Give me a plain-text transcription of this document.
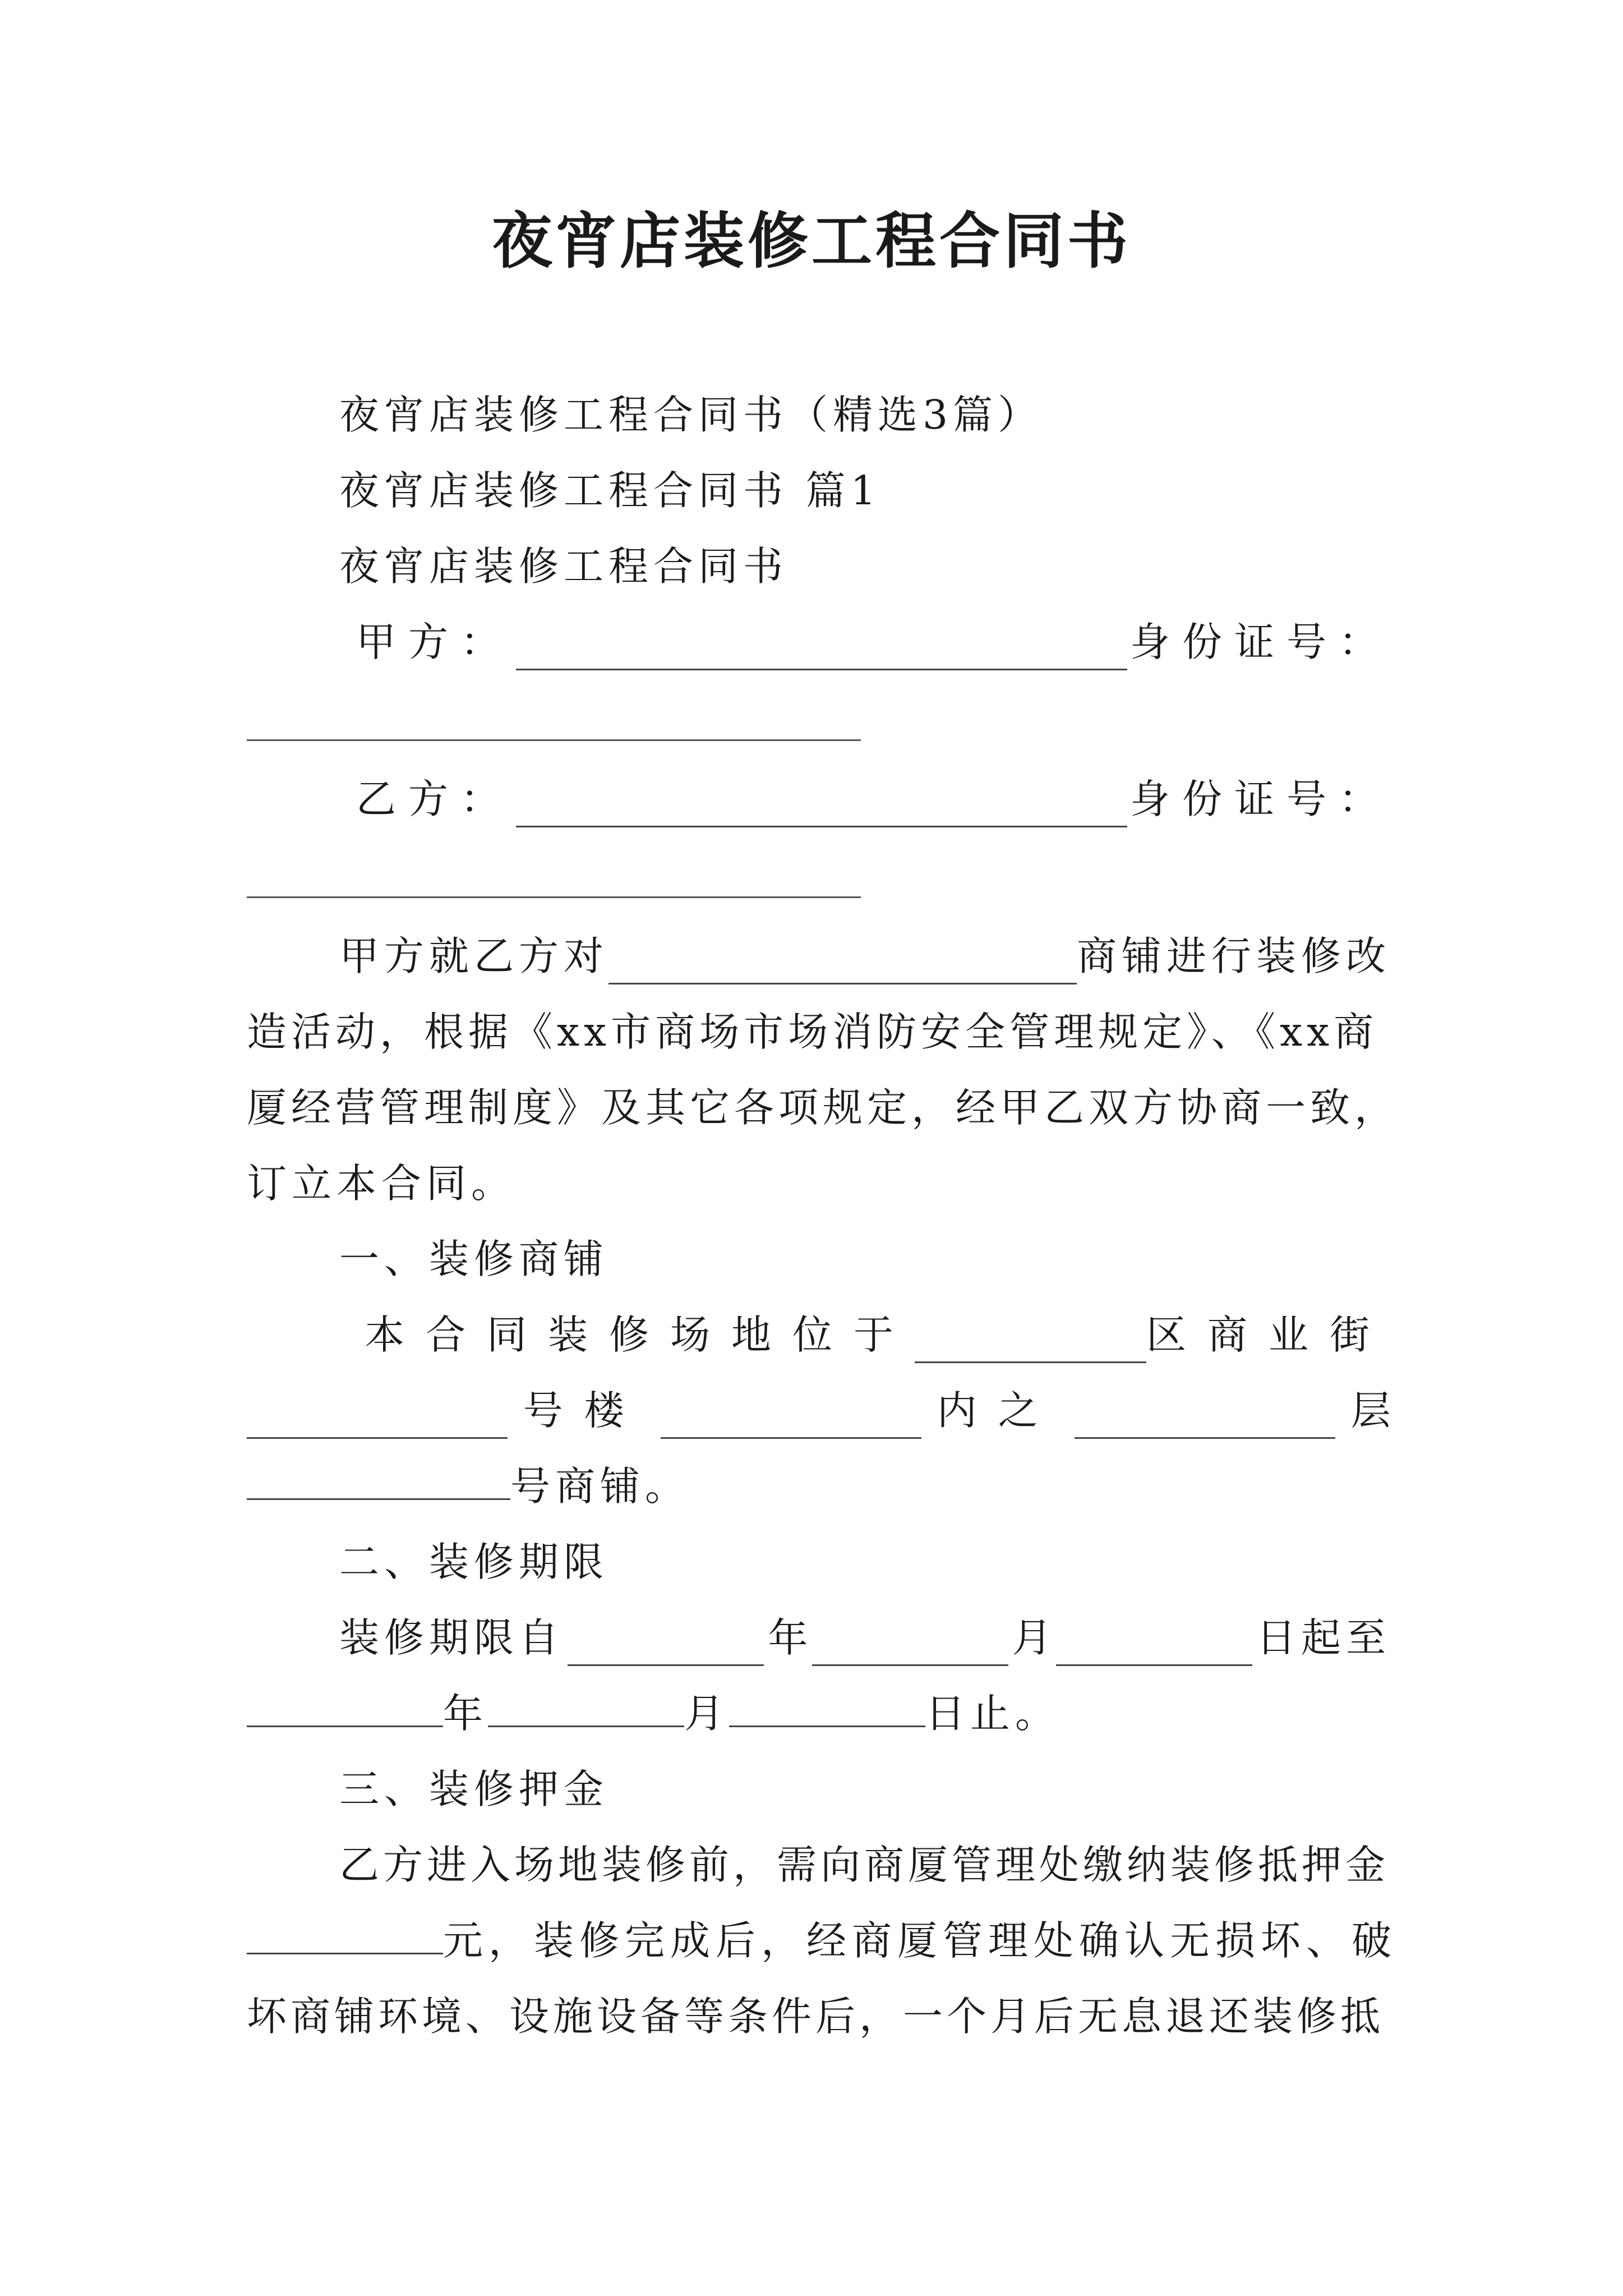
夜宵店装修工程合同书
夜宵店装修工程合同书（精选3篇）
夜宵店装修工程合同书 篇1
夜宵店装修工程合同书
甲方：	身份证号：
乙方：	身份证号：
甲方就乙方对	商铺进行装修改
造活动，根据《xx市商场市场消防安全管理规定》、《xx商
厦经营管理制度》及其它各项规定，经甲乙双方协商一致，
订立本合同。
一、装修商铺
本合同装修场地位于	区商业街
号楼	内之	层
号商铺。
二、装修期限
装修期限自	年	月	日起至
年	月	日止。
三、装修押金
乙方进入场地装修前，需向商厦管理处缴纳装修抵押金
元，装修完成后，经商厦管理处确认无损坏、破
坏商铺环境、设施设备等条件后，一个月后无息退还装修抵
